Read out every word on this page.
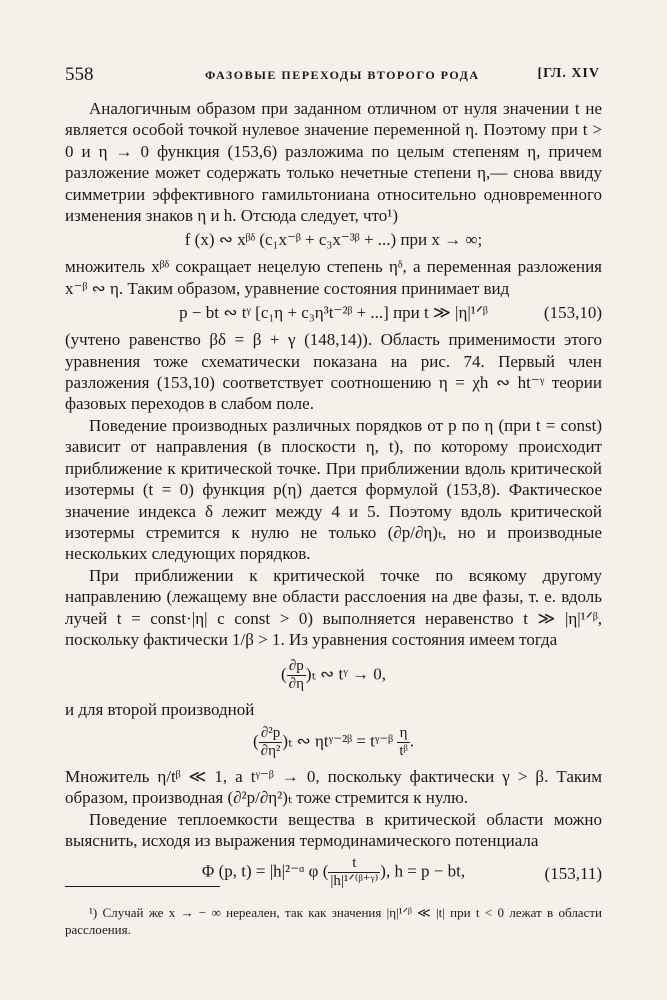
558	ФАЗОВЫЕ ПЕРЕХОДЫ ВТОРОГО РОДА	[ГЛ. XIV

Аналогичным образом при заданном отличном от нуля значении t не является особой точкой нулевое значение переменной η. Поэтому при t > 0 и η → 0 функция (153,6) разложима по целым степеням η, причем разложение может содержать только нечетные степени η,— снова ввиду симметрии эффективного гамильтониана относительно одновременного изменения знаков η и h. Отсюда следует, что¹)

f (x) ∾ xᵝᵟ (c₁x⁻ᵝ + c₃x⁻³ᵝ + ...) при x → ∞;

множитель xᵝᵟ сокращает нецелую степень ηᵟ, а переменная разложения x⁻ᵝ ∾ η. Таким образом, уравнение состояния принимает вид

p − bt ∾ tᵞ [c₁η + c₃η³t⁻²ᵝ + ...] при t ≫ |η|¹ᐟᵝ	(153,10)

(учтено равенство βδ = β + γ (148,14)). Область применимости этого уравнения тоже схематически показана на рис. 74. Первый член разложения (153,10) соответствует соотношению η = χh ∾ ht⁻ᵞ теории фазовых переходов в слабом поле.

Поведение производных различных порядков от p по η (при t = const) зависит от направления (в плоскости η, t), по которому происходит приближение к критической точке. При приближении вдоль критической изотермы (t = 0) функция p(η) дается формулой (153,8). Фактическое значение индекса δ лежит между 4 и 5. Поэтому вдоль критической изотермы стремится к нулю не только (∂p/∂η)ₜ, но и производные нескольких следующих порядков.

При приближении к критической точке по всякому другому направлению (лежащему вне области расслоения на две фазы, т. е. вдоль лучей t = const·|η| с const > 0) выполняется неравенство t ≫ |η|¹ᐟᵝ, поскольку фактически 1/β > 1. Из уравнения состояния имеем тогда

( $\frac{\partial p}{\partial\eta} )_t$ ∾ tᵞ → 0,

и для второй производной

( $\frac{\text{∂²p}}{\text{∂η²}} )_t$ ∾ ηtᵞ⁻²ᵝ = tᵞ⁻ᵝ $\frac{\eta}{\text{tᵝ}}$ .

Множитель η/tᵝ ≪ 1, а tᵞ⁻ᵝ → 0, поскольку фактически γ > β. Таким образом, производная (∂²p/∂η²)ₜ тоже стремится к нулю.

Поведение теплоемкости вещества в критической области можно выяснить, исходя из выражения термодинамического потенциала

Φ (p, t) = |h|²⁻ᵅ φ ( $\frac{t}{\text{|h|¹ᐟ⁽ᵝ⁺ᵞ⁾}}$ ), h = p − bt,	(153,11)

¹) Случай же x → − ∞ нереален, так как значения |η|¹ᐟᵝ ≪ |t| при t < 0 лежат в области расслоения.
